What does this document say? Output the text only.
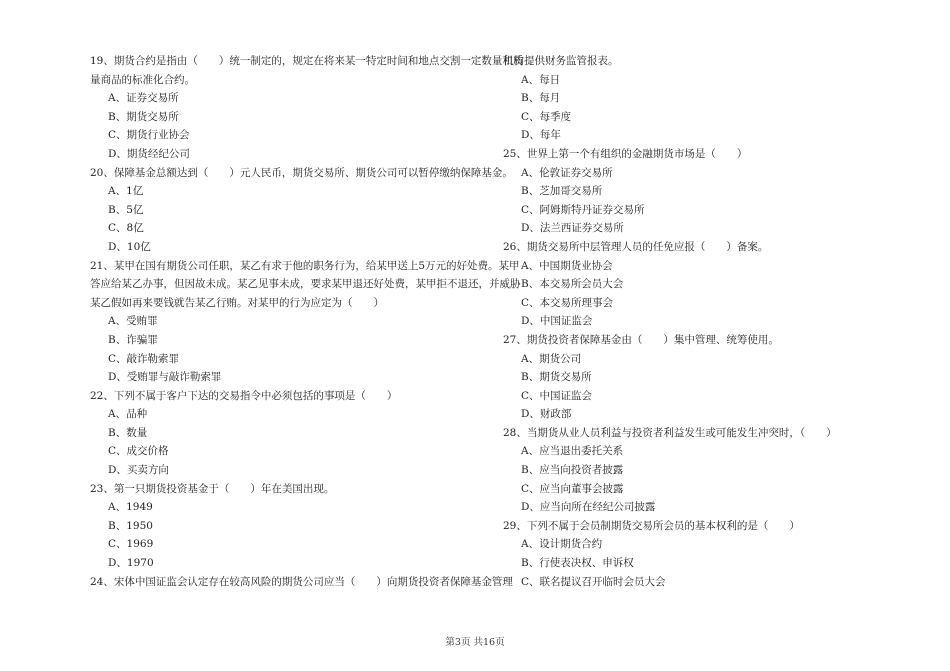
19、期货合约是指由（　　）统一制定的，规定在将来某一特定时间和地点交割一定数量和质
量商品的标准化合约。
A、证券交易所
B、期货交易所
C、期货行业协会
D、期货经纪公司
20、保障基金总额达到（　　）元人民币，期货交易所、期货公司可以暂停缴纳保障基金。
A、1亿
B、5亿
C、8亿
D、10亿
21、某甲在国有期货公司任职，某乙有求于他的职务行为，给某甲送上5万元的好处费。某甲
答应给某乙办事，但因故未成。某乙见事未成，要求某甲退还好处费，某甲拒不退还，并威胁
某乙假如再来要钱就告某乙行贿。对某甲的行为应定为（　　）
A、受贿罪
B、诈骗罪
C、敲诈勒索罪
D、受贿罪与敲诈勒索罪
22、下列不属于客户下达的交易指令中必须包括的事项是（　　）
A、品种
B、数量
C、成交价格
D、买卖方向
23、第一只期货投资基金于（　　）年在美国出现。
A、1949
B、1950
C、1969
D、1970
24、宋体中国证监会认定存在较高风险的期货公司应当（　　）向期货投资者保障基金管理
机构提供财务监管报表。
A、每日
B、每月
C、每季度
D、每年
25、世界上第一个有组织的金融期货市场是（　　）
A、伦敦证券交易所
B、芝加哥交易所
C、阿姆斯特丹证券交易所
D、法兰西证券交易所
26、期货交易所中层管理人员的任免应报（　　）备案。
A、中国期货业协会
B、本交易所会员大会
C、本交易所理事会
D、中国证监会
27、期货投资者保障基金由（　　）集中管理、统筹使用。
A、期货公司
B、期货交易所
C、中国证监会
D、财政部
28、当期货从业人员利益与投资者利益发生或可能发生冲突时，（　　）
A、应当退出委托关系
B、应当向投资者披露
C、应当向董事会披露
D、应当向所在经纪公司披露
29、下列不属于会员制期货交易所会员的基本权利的是（　　）
A、设计期货合约
B、行使表决权、申诉权
C、联名提议召开临时会员大会
第3页 共16页
